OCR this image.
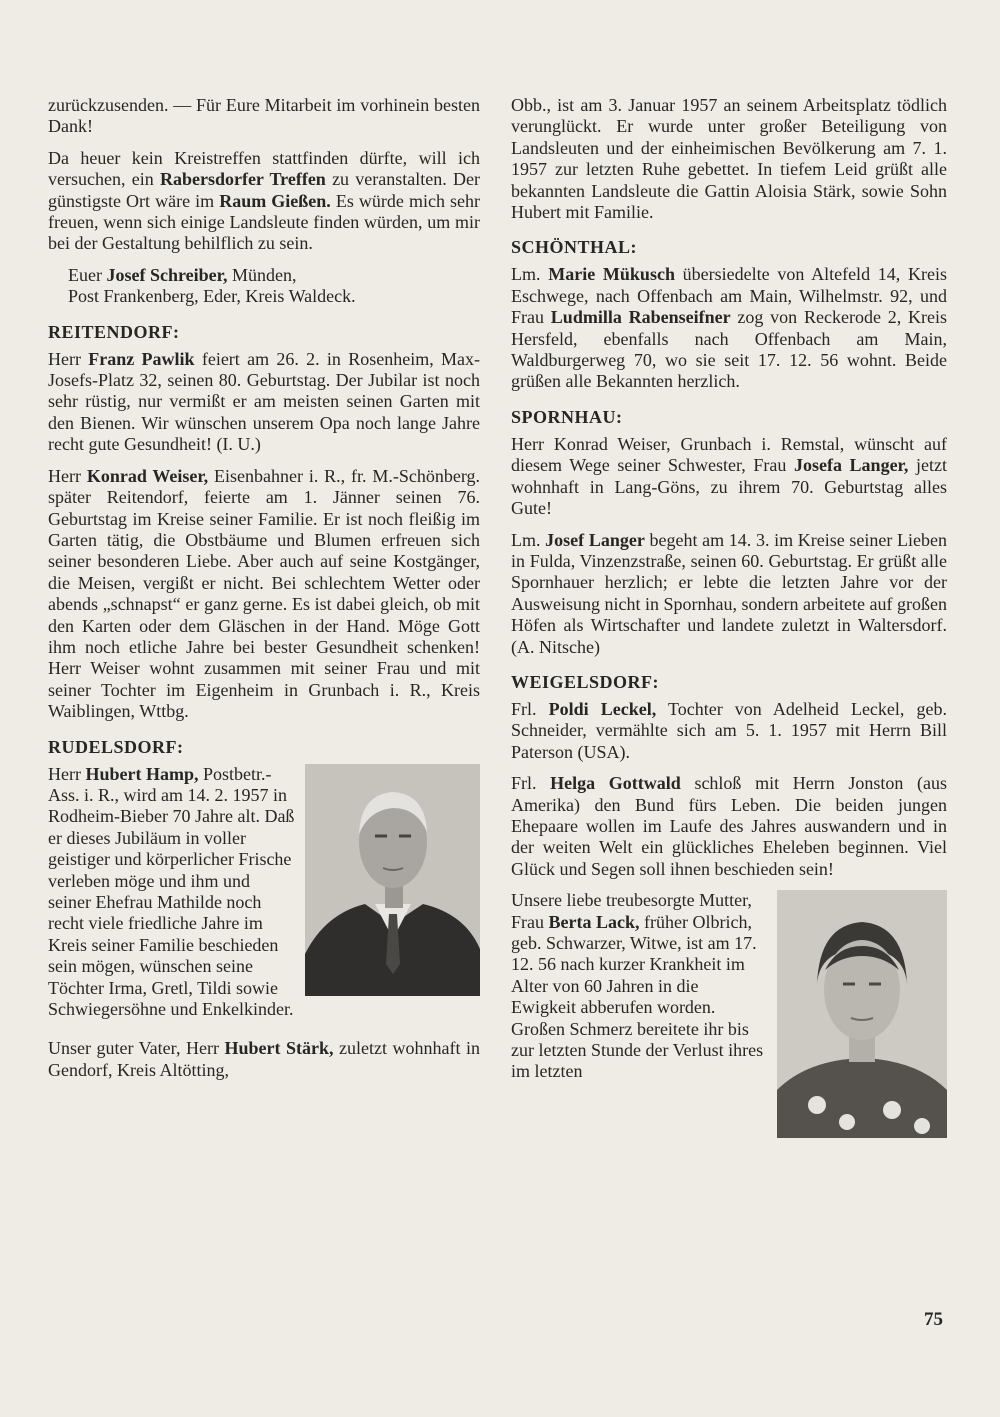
zurückzusenden. — Für Eure Mitarbeit im vorhinein besten Dank!

Da heuer kein Kreistreffen stattfinden dürfte, will ich versuchen, ein Rabersdorfer Treffen zu veranstalten. Der günstigste Ort wäre im Raum Gießen. Es würde mich sehr freuen, wenn sich einige Landsleute finden würden, um mir bei der Gestaltung behilflich zu sein.

Euer Josef Schreiber, Münden,

Post Frankenberg, Eder, Kreis Waldeck.

REITENDORF:

Herr Franz Pawlik feiert am 26. 2. in Rosenheim, Max-Josefs-Platz 32, seinen 80. Geburtstag. Der Jubilar ist noch sehr rüstig, nur vermißt er am meisten seinen Garten mit den Bienen. Wir wünschen unserem Opa noch lange Jahre recht gute Gesundheit! (I. U.)

Herr Konrad Weiser, Eisenbahner i. R., fr. M.-Schönberg. später Reitendorf, feierte am 1. Jänner seinen 76. Geburtstag im Kreise seiner Familie. Er ist noch fleißig im Garten tätig, die Obstbäume und Blumen erfreuen sich seiner besonderen Liebe. Aber auch auf seine Kostgänger, die Meisen, vergißt er nicht. Bei schlechtem Wetter oder abends „schnapst“ er ganz gerne. Es ist dabei gleich, ob mit den Karten oder dem Gläschen in der Hand. Möge Gott ihm noch etliche Jahre bei bester Gesundheit schenken! Herr Weiser wohnt zusammen mit seiner Frau und mit seiner Tochter im Eigenheim in Grunbach i. R., Kreis Waiblingen, Wttbg.

RUDELSDORF:

Herr Hubert Hamp, Postbetr.-Ass. i. R., wird am 14. 2. 1957 in Rodheim-Bieber 70 Jahre alt. Daß er dieses Jubiläum in voller geistiger und körperlicher Frische verleben möge und ihm und seiner Ehefrau Mathilde noch recht viele friedliche Jahre im Kreis seiner Familie beschieden sein mögen, wünschen seine Töchter Irma, Gretl, Tildi sowie Schwiegersöhne und Enkelkinder.

Unser guter Vater, Herr Hubert Stärk, zuletzt wohnhaft in Gendorf, Kreis Altötting,

Obb., ist am 3. Januar 1957 an seinem Arbeitsplatz tödlich verunglückt. Er wurde unter großer Beteiligung von Landsleuten und der einheimischen Bevölkerung am 7. 1. 1957 zur letzten Ruhe gebettet. In tiefem Leid grüßt alle bekannten Landsleute die Gattin Aloisia Stärk, sowie Sohn Hubert mit Familie.

SCHÖNTHAL:

Lm. Marie Mükusch übersiedelte von Altefeld 14, Kreis Eschwege, nach Offenbach am Main, Wilhelmstr. 92, und Frau Ludmilla Rabenseifner zog von Reckerode 2, Kreis Hersfeld, ebenfalls nach Offenbach am Main, Waldburgerweg 70, wo sie seit 17. 12. 56 wohnt. Beide grüßen alle Bekannten herzlich.

SPORNHAU:

Herr Konrad Weiser, Grunbach i. Remstal, wünscht auf diesem Wege seiner Schwester, Frau Josefa Langer, jetzt wohnhaft in Lang-Göns, zu ihrem 70. Geburtstag alles Gute!

Lm. Josef Langer begeht am 14. 3. im Kreise seiner Lieben in Fulda, Vinzenzstraße, seinen 60. Geburtstag. Er grüßt alle Spornhauer herzlich; er lebte die letzten Jahre vor der Ausweisung nicht in Spornhau, sondern arbeitete auf großen Höfen als Wirtschafter und landete zuletzt in Waltersdorf. (A. Nitsche)

WEIGELSDORF:

Frl. Poldi Leckel, Tochter von Adelheid Leckel, geb. Schneider, vermählte sich am 5. 1. 1957 mit Herrn Bill Paterson (USA).

Frl. Helga Gottwald schloß mit Herrn Jonston (aus Amerika) den Bund fürs Leben. Die beiden jungen Ehepaare wollen im Laufe des Jahres auswandern und in der weiten Welt ein glückliches Eheleben beginnen. Viel Glück und Segen soll ihnen beschieden sein!

Unsere liebe treubesorgte Mutter, Frau Berta Lack, früher Olbrich, geb. Schwarzer, Witwe, ist am 17. 12. 56 nach kurzer Krankheit im Alter von 60 Jahren in die Ewigkeit abberufen worden. Großen Schmerz bereitete ihr bis zur letzten Stunde der Verlust ihres im letzten

75
